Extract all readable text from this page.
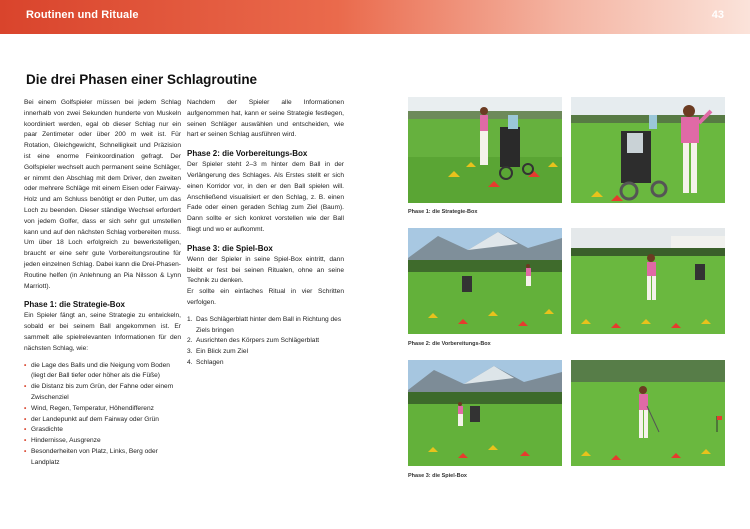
Routinen und Rituale	43
Die drei Phasen einer Schlagroutine

Bei einem Golfspieler müssen bei jedem Schlag innerhalb von zwei Sekunden hunderte von Muskeln koordiniert werden, egal ob dieser Schlag nur ein paar Zentimeter oder über 200 m weit ist. Für Rotation, Gleichgewicht, Schnelligkeit und Präzision ist eine enorme Feinkoordination gefragt. Der Golfspieler wechselt auch permanent seine Schläger, er nimmt den Abschlag mit dem Driver, den zweiten oder mehrere Schläge mit einem Eisen oder Fairway-Holz und am Schluss benötigt er den Putter, um das Loch zu beenden. Dieser ständige Wechsel erfordert von jedem Golfer, dass er sich sehr gut umstellen kann und auf den nächsten Schlag vorbereiten muss. Um über 18 Loch erfolgreich zu bewerkstelligen, braucht er eine sehr gute Vorbereitungsroutine für jeden einzelnen Schlag. Dabei kann die Drei-Phasen-Routine helfen (in Anlehnung an Pia Nilsson & Lynn Marriott).

Phase 1: die Strategie-Box

Ein Spieler fängt an, seine Strategie zu entwickeln, sobald er bei seinem Ball angekommen ist. Er sammelt alle spielrelevanten Informationen für den nächsten Schlag, wie:

• die Lage des Balls und die Neigung vom Boden (liegt der Ball tiefer oder höher als die Füße)
• die Distanz bis zum Grün, der Fahne oder einem Zwischenziel
• Wind, Regen, Temperatur, Höhendifferenz
• der Landepunkt auf dem Fairway oder Grün
• Grasdichte
• Hindernisse, Ausgrenze
• Besonderheiten von Platz, Links, Berg oder Landplatz

Nachdem der Spieler alle Informationen aufgenommen hat, kann er seine Strategie festlegen, seinen Schläger auswählen und entscheiden, wie hart er seinen Schlag ausführen wird.

Phase 2: die Vorbereitungs-Box

Der Spieler steht 2–3 m hinter dem Ball in der Verlängerung des Schlages. Als Erstes stellt er sich einen Korridor vor, in den er den Ball spielen will. Anschließend visualisiert er den Schlag, z. B. einen Fade oder einen geraden Schlag zum Ziel (Baum). Dann sollte er sich konkret vorstellen wie der Ball fliegt und wo er aufkommt.

Phase 3: die Spiel-Box

Wenn der Spieler in seine Spiel-Box eintritt, dann bleibt er fest bei seinen Ritualen, ohne an seine Technik zu denken.

Er sollte ein einfaches Ritual in vier Schritten verfolgen.

1. Das Schlägerblatt hinter dem Ball in Richtung des Ziels bringen
2. Ausrichten des Körpers zum Schlägerblatt
3. Ein Blick zum Ziel
4. Schlagen
Phase 1: die Strategie-Box
Phase 2: die Vorbereitungs-Box
Phase 3: die Spiel-Box
